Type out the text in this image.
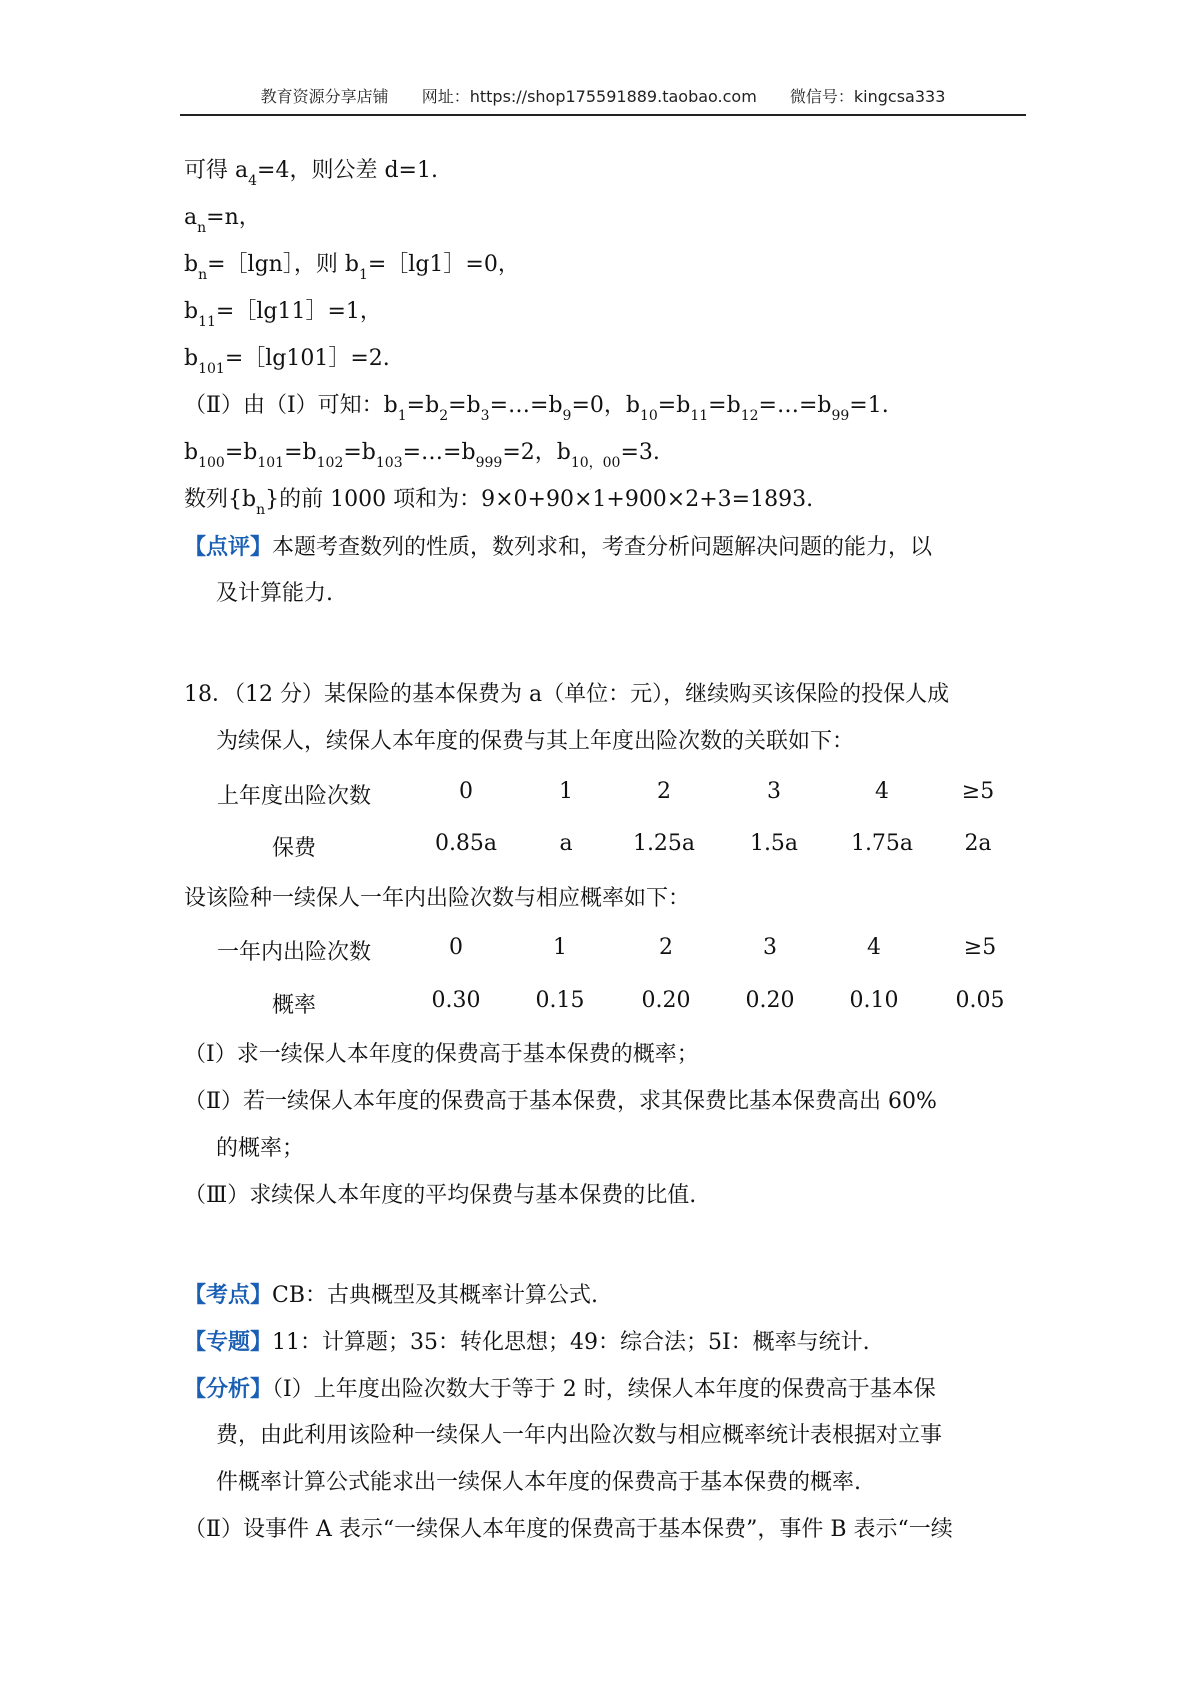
教育资源分享店铺 网址：https://shop175591889.taobao.com 微信号：kingcsa333
可得 $a_4=4$，则公差 d=1.
$a_n=n$，
$b_n=[\lg n]$，则 $b_1=[\lg 1]=0$，
$b_{11}=[\lg 11]=1$，
$b_{101}=[\lg 101]=2$.
（Ⅱ）由（Ⅰ）可知：$b_1=b_2=b_3=\dots=b_9=0$，$b_{10}=b_{11}=b_{12}=\dots=b_{99}=1$.
$b_{100}=b_{101}=b_{102}=b_{103}=\dots=b_{999}=2$，$b_{10,00}=3$.
数列$\{b_n\}$的前 1000 项和为：9×0+90×1+900×2+3=1893.
【点评】本题考查数列的性质，数列求和，考查分析问题解决问题的能力，以
及计算能力.
18．（12 分）某保险的基本保费为 a（单位：元），继续购买该保险的投保人成
为续保人，续保人本年度的保费与其上年度出险次数的关联如下：
上年度出险次数	0	1	2	3	4	≥5
保费	0.85a	a	1.25a 1.5a 1.75a 2a
设该险种一续保人一年内出险次数与相应概率如下：
一年内出险次数	0	1	2	3	4	≥5
概率	0.30	0.15	0.20	0.20	0.10	0.05
（Ⅰ）求一续保人本年度的保费高于基本保费的概率；
（Ⅱ）若一续保人本年度的保费高于基本保费，求其保费比基本保费高出 60%
的概率；
（Ⅲ）求续保人本年度的平均保费与基本保费的比值.
【考点】CB：古典概型及其概率计算公式.
【专题】11：计算题；35：转化思想；49：综合法；5I：概率与统计.
【分析】（Ⅰ）上年度出险次数大于等于 2 时，续保人本年度的保费高于基本保
费，由此利用该险种一续保人一年内出险次数与相应概率统计表根据对立事
件概率计算公式能求出一续保人本年度的保费高于基本保费的概率.
（Ⅱ）设事件 A 表示“一续保人本年度的保费高于基本保费”，事件 B 表示“一续
